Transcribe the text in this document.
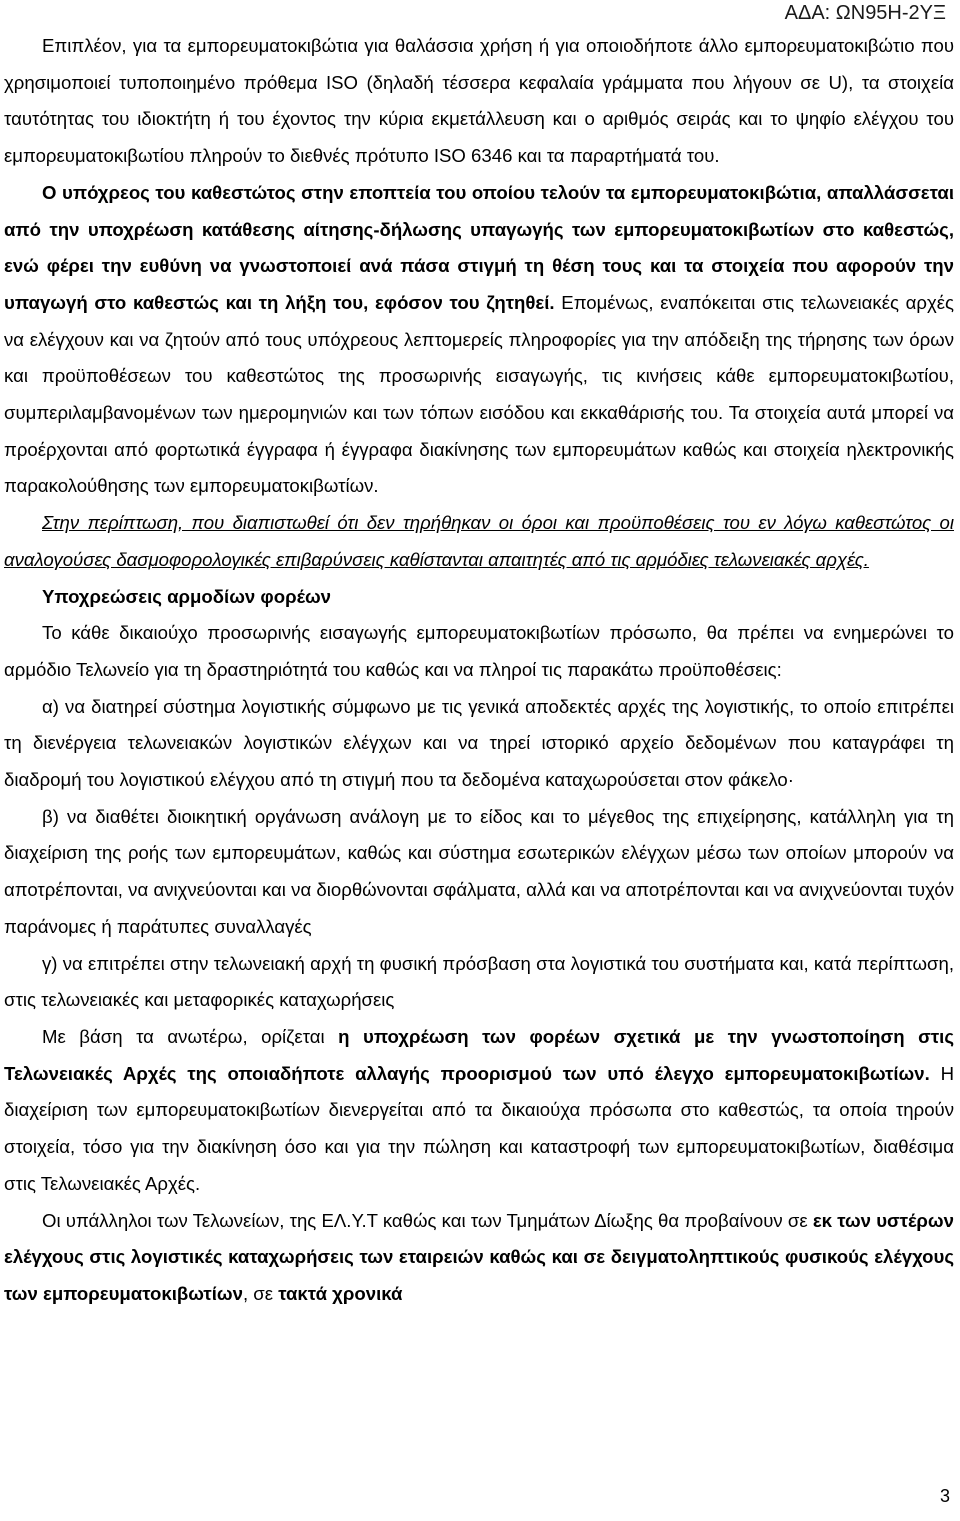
ΑΔΑ: ΩΝ95Η-2ΥΞ

Επιπλέον, για τα εμπορευματοκιβώτια για θαλάσσια χρήση ή για οποιοδήποτε άλλο εμπορευματοκιβώτιο που χρησιμοποιεί τυποποιημένο πρόθεμα ISO (δηλαδή τέσσερα κεφαλαία γράμματα που λήγουν σε U), τα στοιχεία ταυτότητας του ιδιοκτήτη ή του έχοντος την κύρια εκμετάλλευση και ο αριθμός σειράς και το ψηφίο ελέγχου του εμπορευματοκιβωτίου πληρούν το διεθνές πρότυπο ISO 6346 και τα παραρτήματά του.

Ο υπόχρεος του καθεστώτος στην εποπτεία του οποίου τελούν τα εμπορευματοκιβώτια, απαλλάσσεται από την υποχρέωση κατάθεσης αίτησης-δήλωσης υπαγωγής των εμπορευματοκιβωτίων στο καθεστώς, ενώ φέρει την ευθύνη να γνωστοποιεί ανά πάσα στιγμή τη θέση τους και τα στοιχεία που αφορούν την υπαγωγή στο καθεστώς και τη λήξη του, εφόσον του ζητηθεί. Επομένως, εναπόκειται στις τελωνειακές αρχές να ελέγχουν και να ζητούν από τους υπόχρεους λεπτομερείς πληροφορίες για την απόδειξη της τήρησης των όρων και προϋποθέσεων του καθεστώτος της προσωρινής εισαγωγής, τις κινήσεις κάθε εμπορευματοκιβωτίου, συμπεριλαμβανομένων των ημερομηνιών και των τόπων εισόδου και εκκαθάρισής του. Τα στοιχεία αυτά μπορεί να προέρχονται από φορτωτικά έγγραφα ή έγγραφα διακίνησης των εμπορευμάτων καθώς και στοιχεία ηλεκτρονικής παρακολούθησης των εμπορευματοκιβωτίων.

Στην περίπτωση, που διαπιστωθεί ότι δεν τηρήθηκαν οι όροι και προϋποθέσεις του εν λόγω καθεστώτος οι αναλογούσες δασμοφορολογικές επιβαρύνσεις καθίστανται απαιτητές από τις αρμόδιες τελωνειακές αρχές.

Υποχρεώσεις αρμοδίων φορέων

Το κάθε δικαιούχο προσωρινής εισαγωγής εμπορευματοκιβωτίων πρόσωπο, θα πρέπει να ενημερώνει το αρμόδιο Τελωνείο για τη δραστηριότητά του καθώς και να πληροί τις παρακάτω προϋποθέσεις:

α) να διατηρεί σύστημα λογιστικής σύμφωνο με τις γενικά αποδεκτές αρχές της λογιστικής, το οποίο επιτρέπει τη διενέργεια τελωνειακών λογιστικών ελέγχων και να τηρεί ιστορικό αρχείο δεδομένων που καταγράφει τη διαδρομή του λογιστικού ελέγχου από τη στιγμή που τα δεδομένα καταχωρούσεται στον φάκελο·

β) να διαθέτει διοικητική οργάνωση ανάλογη με το είδος και το μέγεθος της επιχείρησης, κατάλληλη για τη διαχείριση της ροής των εμπορευμάτων, καθώς και σύστημα εσωτερικών ελέγχων μέσω των οποίων μπορούν να αποτρέπονται, να ανιχνεύονται και να διορθώνονται σφάλματα, αλλά και να αποτρέπονται και να ανιχνεύονται τυχόν παράνομες ή παράτυπες συναλλαγές

γ) να επιτρέπει στην τελωνειακή αρχή τη φυσική πρόσβαση στα λογιστικά του συστήματα και, κατά περίπτωση, στις τελωνειακές και μεταφορικές καταχωρήσεις

Με βάση τα ανωτέρω, ορίζεται η υποχρέωση των φορέων σχετικά με την γνωστοποίηση στις Τελωνειακές Αρχές της οποιαδήποτε αλλαγής προορισμού των υπό έλεγχο εμπορευματοκιβωτίων. Η διαχείριση των εμπορευματοκιβωτίων διενεργείται από τα δικαιούχα πρόσωπα στο καθεστώς, τα οποία τηρούν στοιχεία, τόσο για την διακίνηση όσο και για την πώληση και καταστροφή των εμπορευματοκιβωτίων, διαθέσιμα στις Τελωνειακές Αρχές.

Οι υπάλληλοι των Τελωνείων, της ΕΛ.Υ.Τ καθώς και των Τμημάτων Δίωξης θα προβαίνουν σε εκ των υστέρων ελέγχους στις λογιστικές καταχωρήσεις των εταιρειών καθώς και σε δειγματοληπτικούς φυσικούς ελέγχους των εμπορευματοκιβωτίων, σε τακτά χρονικά

3
